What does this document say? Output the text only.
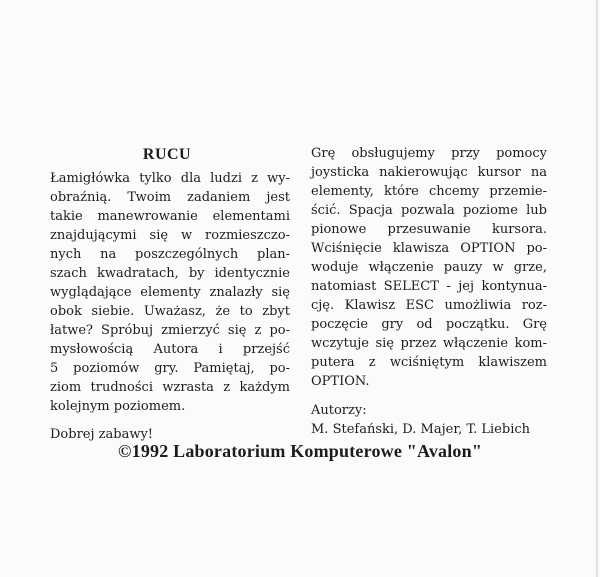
RUCU

Łamigłówka tylko dla ludzi z wy-
obraźnią. Twoim zadaniem jest
takie manewrowanie elementami
znajdującymi się w rozmieszczo-
nych na poszczególnych plan-
szach kwadratach, by identycznie
wyglądające elementy znalazły się
obok siebie. Uważasz, że to zbyt
łatwe? Spróbuj zmierzyć się z po-
mysłowością Autora i przejść
5 poziomów gry. Pamiętaj, po-
ziom trudności wzrasta z każdym
kolejnym poziomem.

Dobrej zabawy!

Grę obsługujemy przy pomocy
joysticka nakierowując kursor na
elementy, które chcemy przemie-
ścić. Spacja pozwala poziome lub
pionowe przesuwanie kursora.
Wciśnięcie klawisza OPTION po-
woduje włączenie pauzy w grze,
natomiast SELECT - jej kontynua-
cję. Klawisz ESC umożliwia roz-
poczęcie gry od początku. Grę
wczytuje się przez włączenie kom-
putera z wciśniętym klawiszem
OPTION.

Autorzy:

M. Stefański, D. Majer, T. Liebich

©1992 Laboratorium Komputerowe "Avalon"
